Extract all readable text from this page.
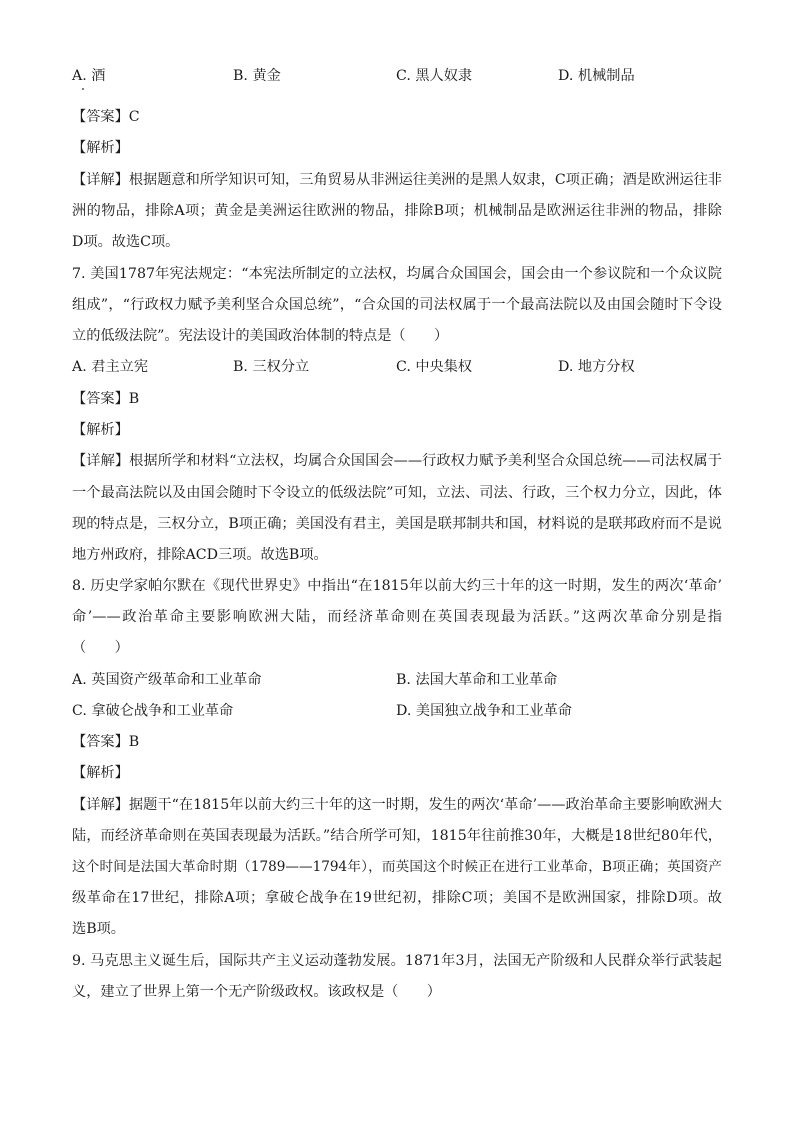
A. 酒	B. 黄金	C. 黑人奴隶	D. 机械制品
【答案】C
【解析】
【详解】根据题意和所学知识可知，三角贸易从非洲运往美洲的是黑人奴隶，C项正确；酒是欧洲运往非
洲的物品，排除A项；黄金是美洲运往欧洲的物品，排除B项；机械制品是欧洲运往非洲的物品，排除
D项。故选C项。
7. 美国1787年宪法规定：“本宪法所制定的立法权，均属合众国国会，国会由一个参议院和一个众议院
组成”，“行政权力赋予美利坚合众国总统”，“合众国的司法权属于一个最高法院以及由国会随时下令设
立的低级法院”。宪法设计的美国政治体制的特点是（　　）
A. 君主立宪	B. 三权分立	C. 中央集权	D. 地方分权
【答案】B
【解析】
【详解】根据所学和材料“立法权，均属合众国国会——行政权力赋予美利坚合众国总统——司法权属于
一个最高法院以及由国会随时下令设立的低级法院”可知，立法、司法、行政，三个权力分立，因此，体
现的特点是，三权分立，B项正确；美国没有君主，美国是联邦制共和国，材料说的是联邦政府而不是说
地方州政府，排除ACD三项。故选B项。
8. 历史学家帕尔默在《现代世界史》中指出“在1815年以前大约三十年的这一时期，发生的两次‘革命’
命’——政治革命主要影响欧洲大陆，而经济革命则在英国表现最为活跃。”这两次革命分别是指
（　　）
A. 英国资产级革命和工业革命	B. 法国大革命和工业革命
C. 拿破仑战争和工业革命	D. 美国独立战争和工业革命
【答案】B
【解析】
【详解】据题干“在1815年以前大约三十年的这一时期，发生的两次‘革命’——政治革命主要影响欧洲大
陆，而经济革命则在英国表现最为活跃。”结合所学可知，1815年往前推30年，大概是18世纪80年代，
这个时间是法国大革命时期（1789——1794年），而英国这个时候正在进行工业革命，B项正确；英国资产
级革命在17世纪，排除A项；拿破仑战争在19世纪初，排除C项；美国不是欧洲国家，排除D项。故
选B项。
9. 马克思主义诞生后，国际共产主义运动蓬勃发展。1871年3月，法国无产阶级和人民群众举行武装起
义，建立了世界上第一个无产阶级政权。该政权是（　　）
